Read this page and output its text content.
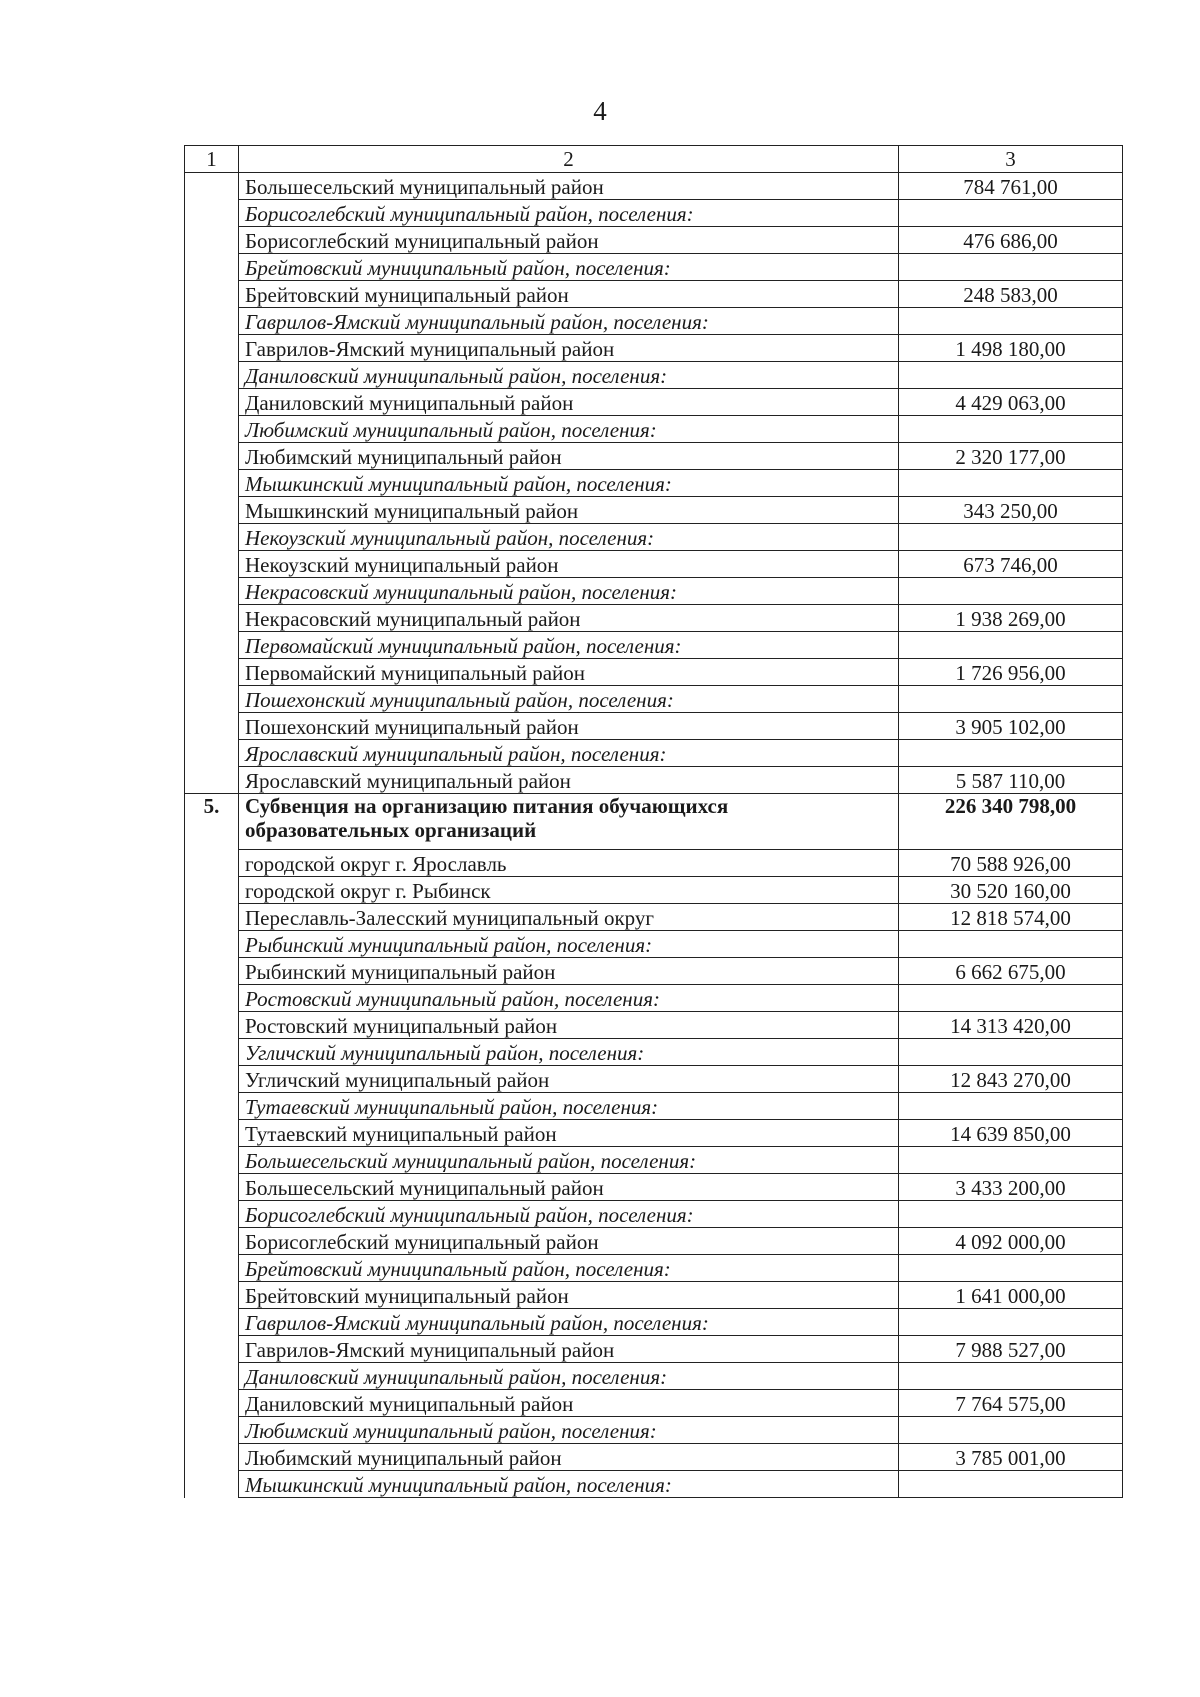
4
1	2	3
	Большесельский муниципальный район	784 761,00
	Борисоглебский муниципальный район, поселения:	
	Борисоглебский муниципальный район	476 686,00
	Брейтовский муниципальный район, поселения:	
	Брейтовский муниципальный район	248 583,00
	Гаврилов-Ямский муниципальный район, поселения:	
	Гаврилов-Ямский муниципальный район	1 498 180,00
	Даниловский муниципальный район, поселения:	
	Даниловский муниципальный район	4 429 063,00
	Любимский муниципальный район, поселения:	
	Любимский муниципальный район	2 320 177,00
	Мышкинский муниципальный район, поселения:	
	Мышкинский муниципальный район	343 250,00
	Некоузский муниципальный район, поселения:	
	Некоузский муниципальный район	673 746,00
	Некрасовский муниципальный район, поселения:	
	Некрасовский муниципальный район	1 938 269,00
	Первомайский муниципальный район, поселения:	
	Первомайский муниципальный район	1 726 956,00
	Пошехонский муниципальный район, поселения:	
	Пошехонский муниципальный район	3 905 102,00
	Ярославский муниципальный район, поселения:	
	Ярославский муниципальный район	5 587 110,00
5.	Субвенция на организацию питания обучающихся образовательных организаций	226 340 798,00
	городской округ г. Ярославль	70 588 926,00
	городской округ г. Рыбинск	30 520 160,00
	Переславль-Залесский муниципальный округ	12 818 574,00
	Рыбинский муниципальный район, поселения:	
	Рыбинский муниципальный район	6 662 675,00
	Ростовский муниципальный район, поселения:	
	Ростовский муниципальный район	14 313 420,00
	Угличский муниципальный район, поселения:	
	Угличский муниципальный район	12 843 270,00
	Тутаевский муниципальный район, поселения:	
	Тутаевский муниципальный район	14 639 850,00
	Большесельский муниципальный район, поселения:	
	Большесельский муниципальный район	3 433 200,00
	Борисоглебский муниципальный район, поселения:	
	Борисоглебский муниципальный район	4 092 000,00
	Брейтовский муниципальный район, поселения:	
	Брейтовский муниципальный район	1 641 000,00
	Гаврилов-Ямский муниципальный район, поселения:	
	Гаврилов-Ямский муниципальный район	7 988 527,00
	Даниловский муниципальный район, поселения:	
	Даниловский муниципальный район	7 764 575,00
	Любимский муниципальный район, поселения:	
	Любимский муниципальный район	3 785 001,00
	Мышкинский муниципальный район, поселения:	
